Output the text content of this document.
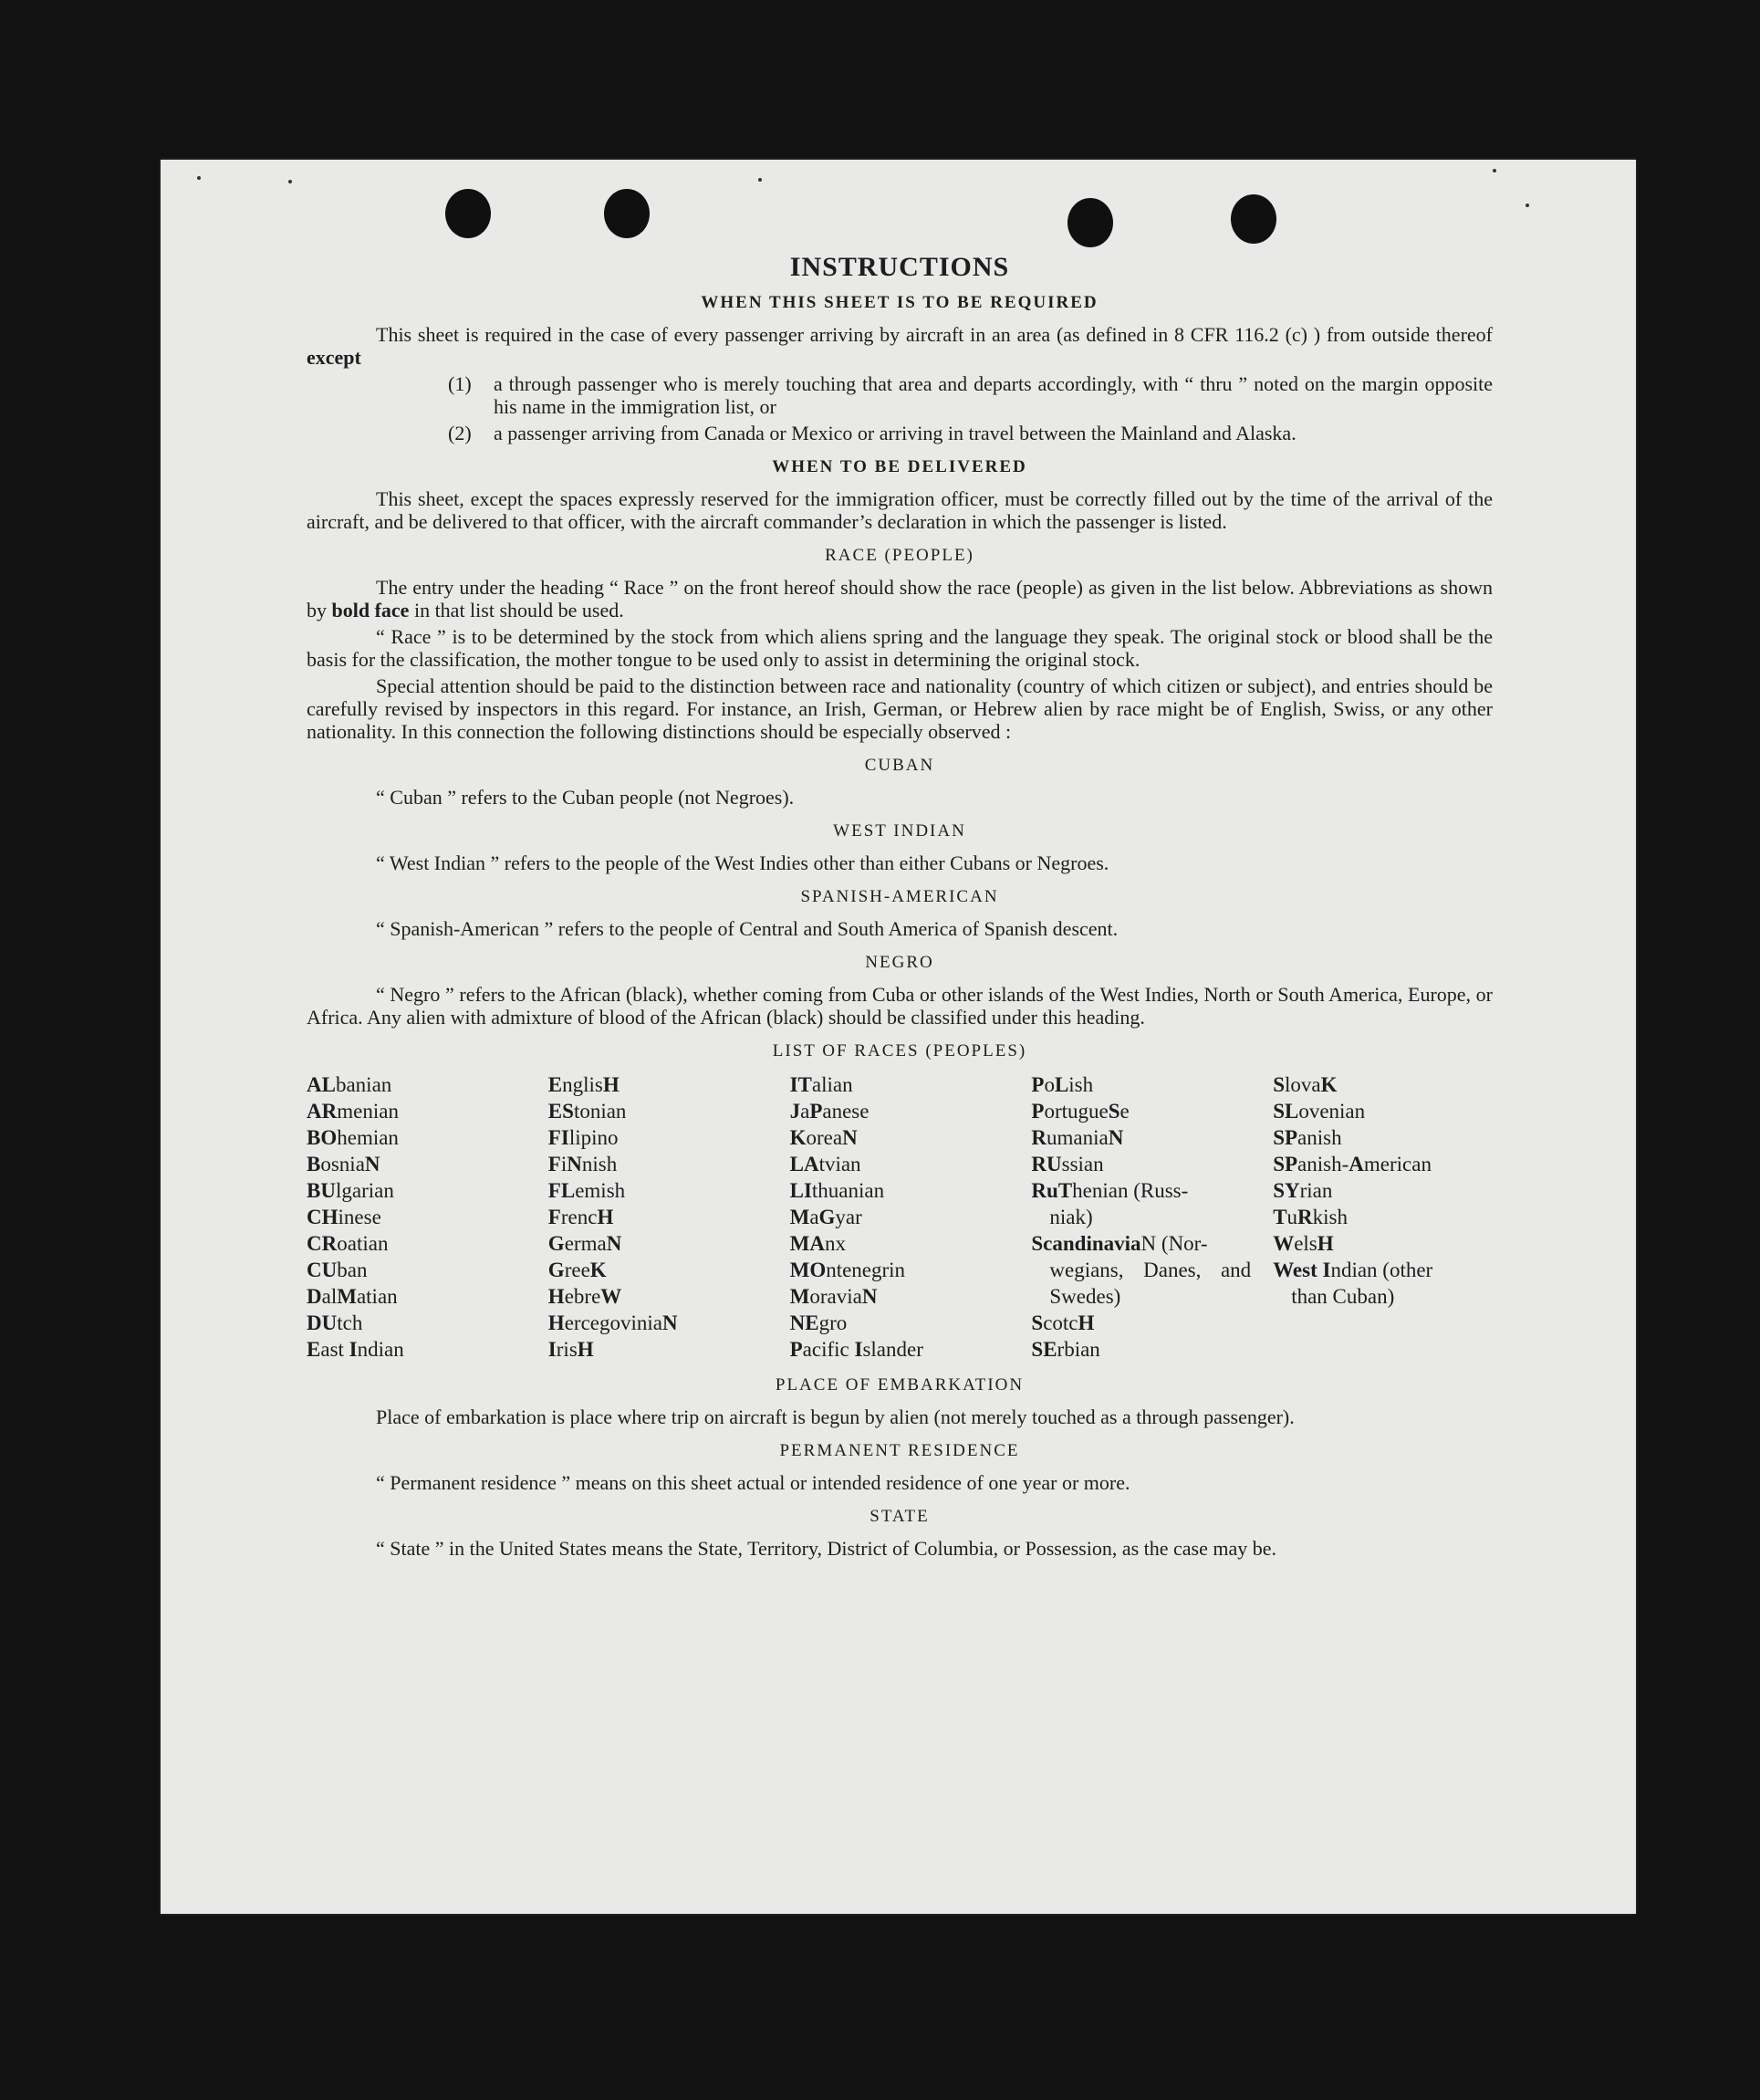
INSTRUCTIONS
WHEN THIS SHEET IS TO BE REQUIRED

This sheet is required in the case of every passenger arriving by aircraft in an area (as defined in 8 CFR 116.2 (c) ) from outside thereof except

(1)	a through passenger who is merely touching that area and departs accordingly, with “ thru ” noted on the margin opposite his name in the immigration list, or
(2)	a passenger arriving from Canada or Mexico or arriving in travel between the Mainland and Alaska.
WHEN TO BE DELIVERED

This sheet, except the spaces expressly reserved for the immigration officer, must be correctly filled out by the time of the arrival of the aircraft, and be delivered to that officer, with the aircraft commander’s declaration in which the passenger is listed.

RACE (PEOPLE)

The entry under the heading “ Race ” on the front hereof should show the race (people) as given in the list below. Abbreviations as shown by bold face in that list should be used.

“ Race ” is to be determined by the stock from which aliens spring and the language they speak. The original stock or blood shall be the basis for the classification, the mother tongue to be used only to assist in determining the original stock.

Special attention should be paid to the distinction between race and nationality (country of which citizen or subject), and entries should be carefully revised by inspectors in this regard. For instance, an Irish, German, or Hebrew alien by race might be of English, Swiss, or any other nationality. In this connection the following distinctions should be especially observed :

CUBAN

“ Cuban ” refers to the Cuban people (not Negroes).

WEST INDIAN

“ West Indian ” refers to the people of the West Indies other than either Cubans or Negroes.

SPANISH-AMERICAN

“ Spanish-American ” refers to the people of Central and South America of Spanish descent.

NEGRO

“ Negro ” refers to the African (black), whether coming from Cuba or other islands of the West Indies, North or South America, Europe, or Africa. Any alien with admixture of blood of the African (black) should be classified under this heading.

LIST OF RACES (PEOPLES)
ALbanian
ARmenian
BOhemian
BosniaN
BUlgarian
CHinese
CRoatian
CUban
DalMatian
DUtch
East Indian
EnglisH
EStonian
FIlipino
FiNnish
FLemish
FrencH
GermaN
GreeK
HebreW
HercegoviniaN
IrisH
ITalian
JaPanese
KoreaN
LAtvian
LIthuanian
MaGyar
MAnx
MOntenegrin
MoraviaN
NEgro
Pacific Islander
PoLish
PortugueSe
RumaniaN
RUssian
RuThenian (Russ-
niak)
ScandinaviaN (Nor-
wegians, Danes, and Swedes)
ScotcH
SErbian
SlovaK
SLovenian
SPanish
SPanish-American
SYrian
TuRkish
WelsH
West Indian (other
than Cuban)
PLACE OF EMBARKATION

Place of embarkation is place where trip on aircraft is begun by alien (not merely touched as a through passenger).

PERMANENT RESIDENCE

“ Permanent residence ” means on this sheet actual or intended residence of one year or more.

STATE

“ State ” in the United States means the State, Territory, District of Columbia, or Possession, as the case may be.
